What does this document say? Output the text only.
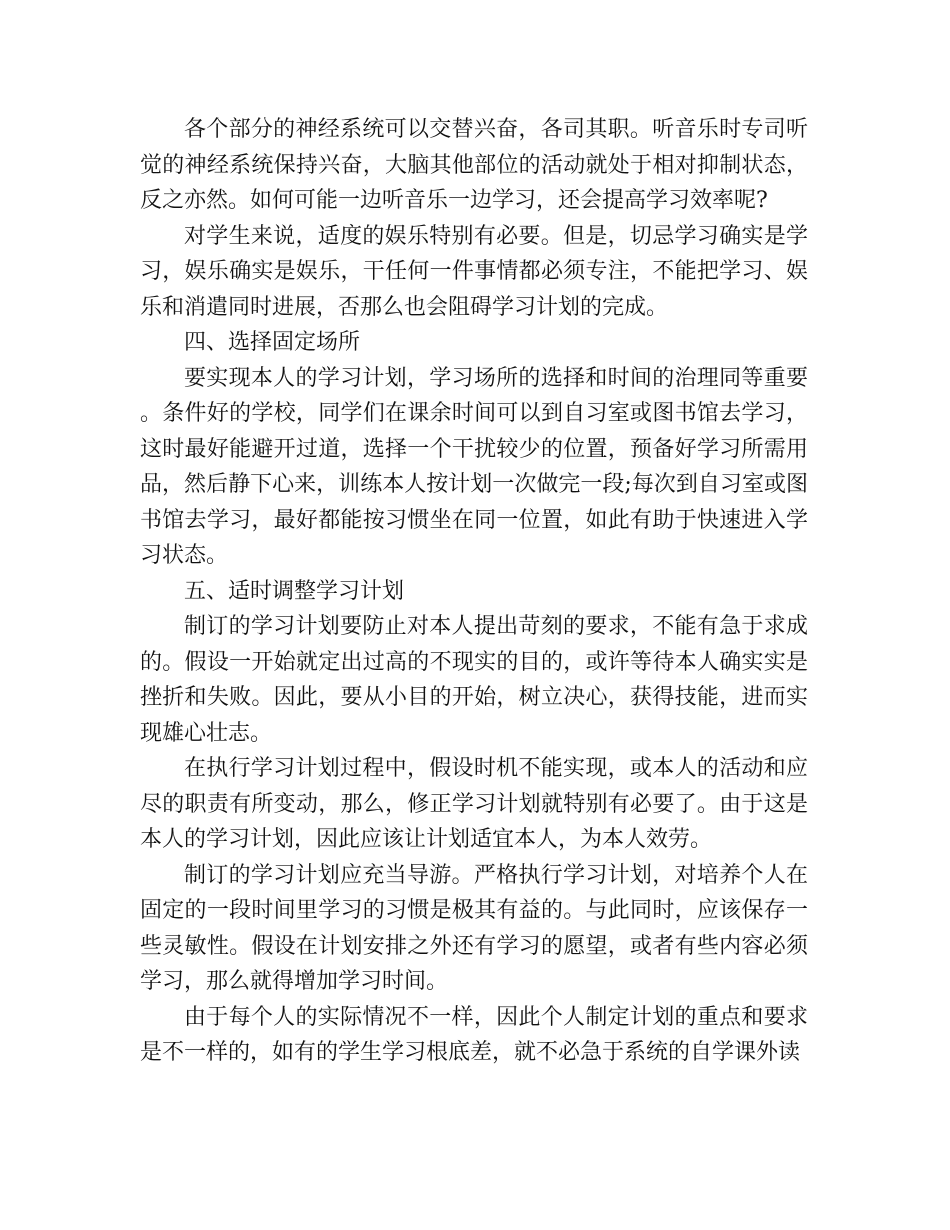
各个部分的神经系统可以交替兴奋，各司其职。听音乐时专司听觉的神经系统保持兴奋，大脑其他部位的活动就处于相对抑制状态，反之亦然。如何可能一边听音乐一边学习，还会提高学习效率呢?

对学生来说，适度的娱乐特别有必要。但是，切忌学习确实是学习，娱乐确实是娱乐，干任何一件事情都必须专注，不能把学习、娱乐和消遣同时进展，否那么也会阻碍学习计划的完成。

四、选择固定场所

要实现本人的学习计划，学习场所的选择和时间的治理同等重要。条件好的学校，同学们在课余时间可以到自习室或图书馆去学习，这时最好能避开过道，选择一个干扰较少的位置，预备好学习所需用品，然后静下心来，训练本人按计划一次做完一段;每次到自习室或图书馆去学习，最好都能按习惯坐在同一位置，如此有助于快速进入学习状态。

五、适时调整学习计划

制订的学习计划要防止对本人提出苛刻的要求，不能有急于求成的。假设一开始就定出过高的不现实的目的，或许等待本人确实实是挫折和失败。因此，要从小目的开始，树立决心，获得技能，进而实现雄心壮志。

在执行学习计划过程中，假设时机不能实现，或本人的活动和应尽的职责有所变动，那么，修正学习计划就特别有必要了。由于这是本人的学习计划，因此应该让计划适宜本人，为本人效劳。

制订的学习计划应充当导游。严格执行学习计划，对培养个人在固定的一段时间里学习的习惯是极其有益的。与此同时，应该保存一些灵敏性。假设在计划安排之外还有学习的愿望，或者有些内容必须学习，那么就得增加学习时间。

由于每个人的实际情况不一样，因此个人制定计划的重点和要求是不一样的，如有的学生学习根底差，就不必急于系统的自学课外读
